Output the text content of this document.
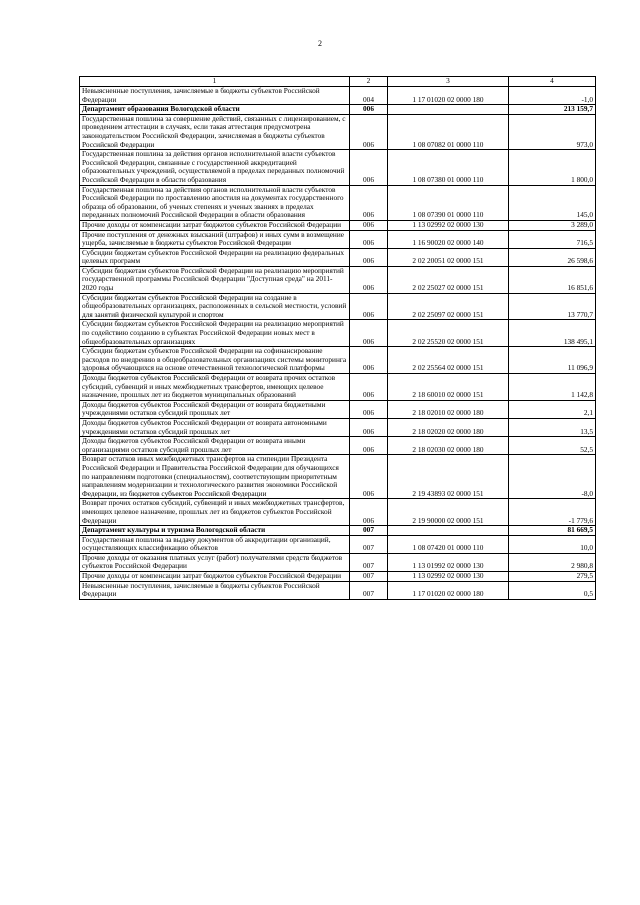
2
1	2	3	4
Невыясненные поступления, зачисляемые в бюджеты субъектов Российской Федерации	004	1 17 01020 02 0000 180	-1,0
Департамент образования Вологодской области	006		213 159,7
Государственная пошлина за совершение действий, связанных с лицензированием, с проведением аттестации в случаях, если такая аттестация предусмотрена законодательством Российской Федерации, зачисляемая в бюджеты субъектов Российской Федерации	006	1 08 07082 01 0000 110	973,0
Государственная пошлина за действия органов исполнительной власти субъектов Российской Федерации, связанные с государственной аккредитацией образовательных учреждений, осуществляемой в пределах переданных полномочий Российской Федерации в области образования	006	1 08 07380 01 0000 110	1 800,0
Государственная пошлина за действия органов исполнительной власти субъектов Российской Федерации по проставлению апостиля на документах государственного образца об образовании, об ученых степенях и ученых званиях в пределах переданных полномочий Российской Федерации в области образования	006	1 08 07390 01 0000 110	145,0
Прочие доходы от компенсации затрат бюджетов субъектов Российской Федерации	006	1 13 02992 02 0000 130	3 289,0
Прочие поступления от денежных взысканий (штрафов) и иных сумм в возмещение ущерба, зачисляемые в бюджеты субъектов Российской Федерации	006	1 16 90020 02 0000 140	716,5
Субсидии бюджетам субъектов Российской Федерации на реализацию федеральных целевых программ	006	2 02 20051 02 0000 151	26 598,6
Субсидии бюджетам субъектов Российской Федерации на реализацию мероприятий государственной программы Российской Федерации "Доступная среда" на 2011-2020 годы	006	2 02 25027 02 0000 151	16 851,6
Субсидии бюджетам субъектов Российской Федерации на создание в общеобразовательных организациях, расположенных в сельской местности, условий для занятий физической культурой и спортом	006	2 02 25097 02 0000 151	13 770,7
Субсидии бюджетам субъектов Российской Федерации на реализацию мероприятий по содействию созданию в субъектах Российской Федерации новых мест в общеобразовательных организациях	006	2 02 25520 02 0000 151	138 495,1
Субсидии бюджетам субъектов Российской Федерации на софинансирование расходов по внедрению в общеобразовательных организациях системы мониторинга здоровья обучающихся на основе отечественной технологической платформы	006	2 02 25564 02 0000 151	11 096,9
Доходы бюджетов субъектов Российской Федерации от возврата прочих остатков субсидий, субвенций и иных межбюджетных трансфертов, имеющих целевое назначение, прошлых лет из бюджетов муниципальных образований	006	2 18 60010 02 0000 151	1 142,8
Доходы бюджетов субъектов Российской Федерации от возврата бюджетными учреждениями остатков субсидий прошлых лет	006	2 18 02010 02 0000 180	2,1
Доходы бюджетов субъектов Российской Федерации от возврата автономными учреждениями остатков субсидий прошлых лет	006	2 18 02020 02 0000 180	13,5
Доходы бюджетов субъектов Российской Федерации от возврата иными организациями остатков субсидий прошлых лет	006	2 18 02030 02 0000 180	52,5
Возврат остатков иных межбюджетных трансфертов на стипендии Президента Российской Федерации и Правительства Российской Федерации для обучающихся по направлениям подготовки (специальностям), соответствующим приоритетным направлениям модернизации и технологического развития экономики Российской Федерации, из бюджетов субъектов Российской Федерации	006	2 19 43893 02 0000 151	-8,0
Возврат прочих остатков субсидий, субвенций и иных межбюджетных трансфертов, имеющих целевое назначение, прошлых лет из бюджетов субъектов Российской Федерации	006	2 19 90000 02 0000 151	-1 779,6
Департамент культуры и туризма Вологодской области	007		81 669,5
Государственная пошлина за выдачу документов об аккредитации организаций, осуществляющих классификацию объектов	007	1 08 07420 01 0000 110	10,0
Прочие доходы от оказания платных услуг (работ) получателями средств бюджетов субъектов Российской Федерации	007	1 13 01992 02 0000 130	2 980,8
Прочие доходы от компенсации затрат бюджетов субъектов Российской Федерации	007	1 13 02992 02 0000 130	279,5
Невыясненные поступления, зачисляемые в бюджеты субъектов Российской Федерации	007	1 17 01020 02 0000 180	0,5
